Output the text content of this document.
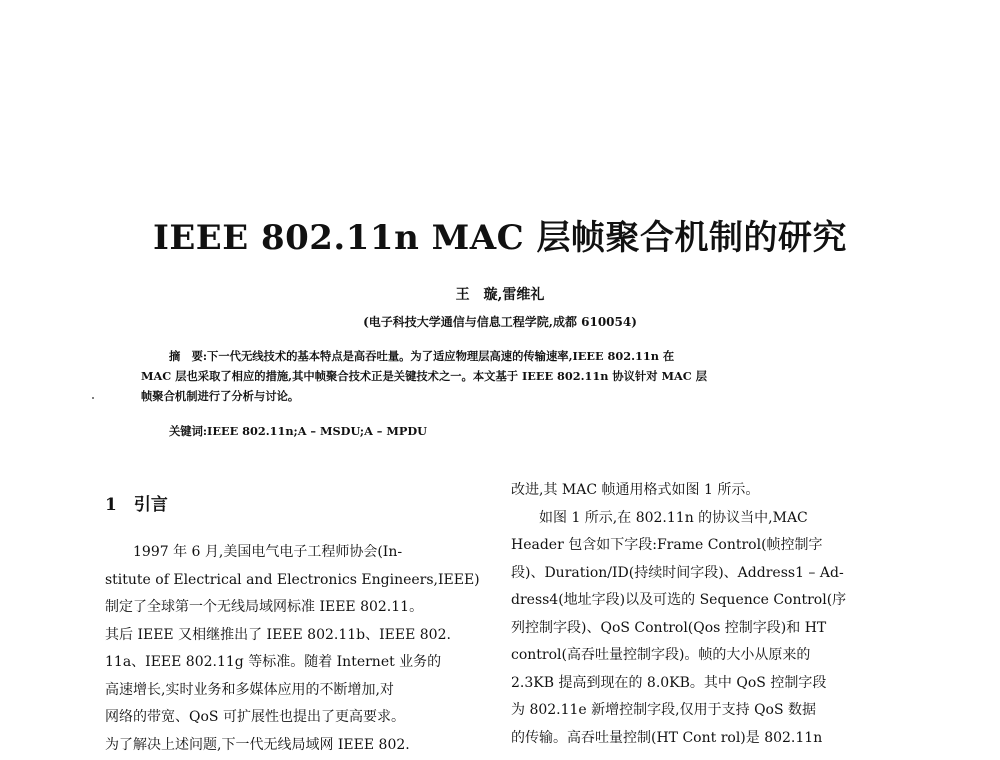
IEEE 802.11n MAC 层帧聚合机制的研究
王　璇,雷维礼
(电子科技大学通信与信息工程学院,成都 610054)
摘　要:下一代无线技术的基本特点是高吞吐量。为了适应物理层高速的传输速率,IEEE 802.11n 在
MAC 层也采取了相应的措施,其中帧聚合技术正是关键技术之一。本文基于 IEEE 802.11n 协议针对 MAC 层
帧聚合机制进行了分析与讨论。
关键词:IEEE 802.11n;A – MSDU;A – MPDU
1　引言
1997 年 6 月,美国电气电子工程师协会(In-
stitute of Electrical and Electronics Engineers,IEEE)
制定了全球第一个无线局域网标准 IEEE 802.11。
其后 IEEE 又相继推出了 IEEE 802.11b、IEEE 802.
11a、IEEE 802.11g 等标准。随着 Internet 业务的
高速增长,实时业务和多媒体应用的不断增加,对
网络的带宽、QoS 可扩展性也提出了更高要求。
为了解决上述问题,下一代无线局域网 IEEE 802.
改进,其 MAC 帧通用格式如图 1 所示。
如图 1 所示,在 802.11n 的协议当中,MAC
Header 包含如下字段:Frame Control(帧控制字
段)、Duration/ID(持续时间字段)、Address1 – Ad-
dress4(地址字段)以及可选的 Sequence Control(序
列控制字段)、QoS Control(Qos 控制字段)和 HT
control(高吞吐量控制字段)。帧的大小从原来的
2.3KB 提高到现在的 8.0KB。其中 QoS 控制字段
为 802.11e 新增控制字段,仅用于支持 QoS 数据
的传输。高吞吐量控制(HT Cont rol)是 802.11n
